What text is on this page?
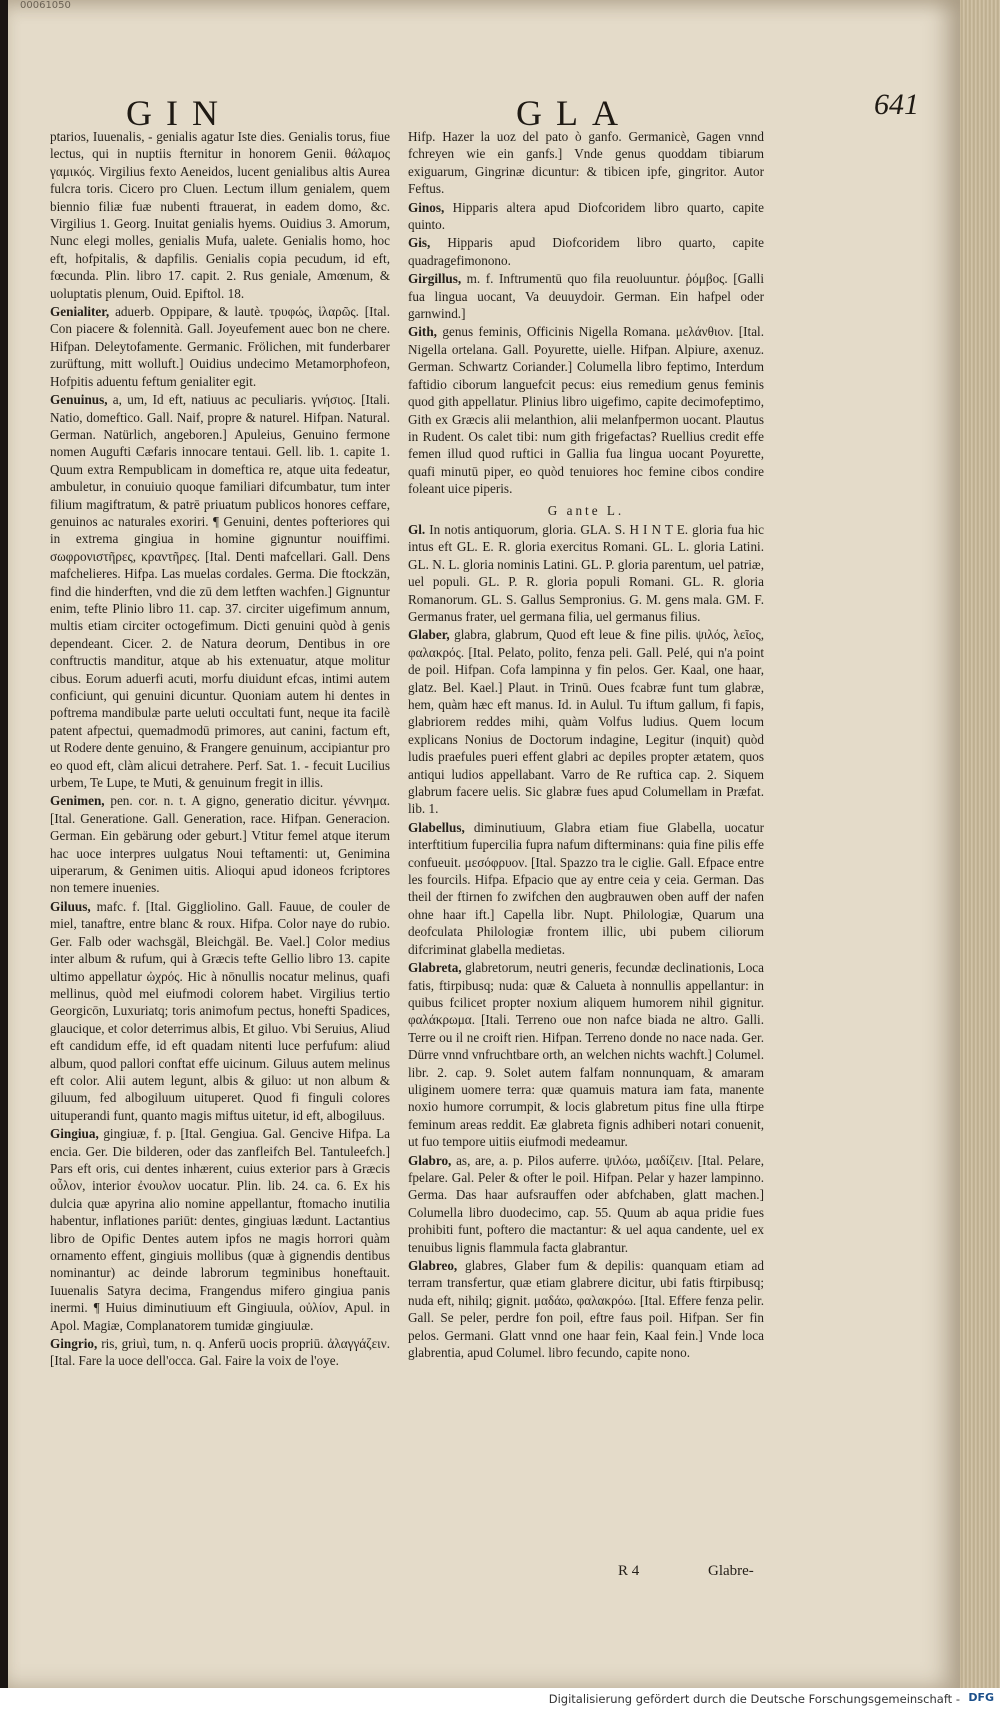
00061050
GIN	GLA	641

ptarios, Iuuenalis, - genialis agatur Iste dies. Genialis torus, fiue lectus, qui in nuptiis fternitur in honorem Genii. θάλαμος γαμικός. Virgilius fexto Aeneidos, lucent genialibus altis Aurea fulcra toris. Cicero pro Cluen. Lectum illum genialem, quem biennio filiæ fuæ nubenti ftrauerat, in eadem domo, &c. Virgilius 1. Georg. Inuitat genialis hyems. Ouidius 3. Amorum, Nunc elegi molles, genialis Mufa, ualete. Genialis homo, hoc eft, hofpitalis, & dapfilis. Genialis copia pecudum, id eft, fœcunda. Plin. libro 17. capit. 2. Rus geniale, Amœnum, & uoluptatis plenum, Ouid. Epiftol. 18.

Genialiter, aduerb. Oppipare, & lautè. τρυφώς, ἱλαρῶς. [Ital. Con piacere & folennità. Gall. Joyeufement auec bon ne chere. Hifpan. Deleytofamente. Germanic. Frölichen, mit funderbarer zurüftung, mitt wolluft.] Ouidius undecimo Metamorphofeon, Hofpitis aduentu feftum genialiter egit.

Genuinus, a, um, Id eft, natiuus ac peculiaris. γνήσιος. [Itali. Natio, domeftico. Gall. Naif, propre & naturel. Hifpan. Natural. German. Natürlich, angeboren.] Apuleius, Genuino fermone nomen Augufti Cæfaris innocare tentaui. Gell. lib. 1. capite 1. Quum extra Rempublicam in domeftica re, atque uita fedeatur, ambuletur, in conuiuio quoque familiari difcumbatur, tum inter filium magiftratum, & patrē priuatum publicos honores ceffare, genuinos ac naturales exoriri. ¶ Genuini, dentes pofteriores qui in extrema gingiua in homine gignuntur nouiffimi. σωφρονιστῆρες, κραντῆρες. [Ital. Denti mafcellari. Gall. Dens mafchelieres. Hifpa. Las muelas cordales. Germa. Die ftockzän, find die hinderften, vnd die zū dem letften wachfen.] Gignuntur enim, tefte Plinio libro 11. cap. 37. circiter uigefimum annum, multis etiam circiter octogefimum. Dicti genuini quòd à genis dependeant. Cicer. 2. de Natura deorum, Dentibus in ore conftructis manditur, atque ab his extenuatur, atque molitur cibus. Eorum aduerfi acuti, morfu diuidunt efcas, intimi autem conficiunt, qui genuini dicuntur. Quoniam autem hi dentes in poftrema mandibulæ parte ueluti occultati funt, neque ita facilè patent afpectui, quemadmodū primores, aut canini, factum eft, ut Rodere dente genuino, & Frangere genuinum, accipiantur pro eo quod eft, clàm alicui detrahere. Perf. Sat. 1. - fecuit Lucilius urbem, Te Lupe, te Muti, & genuinum fregit in illis.

Genimen, pen. cor. n. t. A gigno, generatio dicitur. γέννημα. [Ital. Generatione. Gall. Generation, race. Hifpan. Generacion. German. Ein gebärung oder geburt.] Vtitur femel atque iterum hac uoce interpres uulgatus Noui teftamenti: ut, Genimina uiperarum, & Genimen uitis. Alioqui apud idoneos fcriptores non temere inuenies.

Giluus, mafc. f. [Ital. Giggliolino. Gall. Fauue, de couler de miel, tanaftre, entre blanc & roux. Hifpa. Color naye do rubio. Ger. Falb oder wachsgäl, Bleichgäl. Be. Vael.] Color medius inter album & rufum, qui à Græcis tefte Gellio libro 13. capite ultimo appellatur ὠχρός. Hic à nōnullis nocatur melinus, quafi mellinus, quòd mel eiufmodi colorem habet. Virgilius tertio Georgicōn, Luxuriatq; toris animofum pectus, honefti Spadices, glaucique, et color deterrimus albis, Et giluo. Vbi Seruius, Aliud eft candidum effe, id eft quadam nitenti luce perfufum: aliud album, quod pallori conftat effe uicinum. Giluus autem melinus eft color. Alii autem legunt, albis & giluo: ut non album & giluum, fed albogiluum uituperet. Quod fi finguli colores uituperandi funt, quanto magis miftus uitetur, id eft, albogiluus.

Gingiua, gingiuæ, f. p. [Ital. Gengiua. Gal. Gencive Hifpa. La encia. Ger. Die bilderen, oder das zanfleifch Bel. Tantuleefch.] Pars eft oris, cui dentes inhærent, cuius exterior pars à Græcis οὖλον, interior ἐνουλον uocatur. Plin. lib. 24. ca. 6. Ex his dulcia quæ apyrina alio nomine appellantur, ftomacho inutilia habentur, inflationes pariūt: dentes, gingiuas lædunt. Lactantius libro de Opific Dentes autem ipfos ne magis horrori quàm ornamento effent, gingiuis mollibus (quæ à gignendis dentibus nominantur) ac deinde labrorum tegminibus honeftauit. Iuuenalis Satyra decima, Frangendus mifero gingiua panis inermi. ¶ Huius diminutiuum eft Gingiuula, οὐλίον, Apul. in Apol. Magiæ, Complanatorem tumidæ gingiuulæ.

Gingrio, ris, griuì, tum, n. q. Anferū uocis propriū. ἀλαγγάζειν. [Ital. Fare la uoce dell'occa. Gal. Faire la voix de l'oye.

Hifp. Hazer la uoz del pato ò ganfo. Germanicè, Gagen vnnd fchreyen wie ein ganfs.] Vnde genus quoddam tibiarum exiguarum, Gingrinæ dicuntur: & tibicen ipfe, gingritor. Autor Feftus.

Ginos, Hipparis altera apud Diofcoridem libro quarto, capite quinto.

Gis, Hipparis apud Diofcoridem libro quarto, capite quadragefimonono.

Girgillus, m. f. Inftrumentū quo fila reuoluuntur. ῥόμβος. [Galli fua lingua uocant, Va deuuydoir. German. Ein hafpel oder garnwind.]

Gith, genus feminis, Officinis Nigella Romana. μελάνθιον. [Ital. Nigella ortelana. Gall. Poyurette, uielle. Hifpan. Alpiure, axenuz. German. Schwartz Coriander.] Columella libro feptimo, Interdum faftidio ciborum languefcit pecus: eius remedium genus feminis quod gith appellatur. Plinius libro uigefimo, capite decimofeptimo, Gith ex Græcis alii melanthion, alii melanfpermon uocant. Plautus in Rudent. Os calet tibi: num gith frigefactas? Ruellius credit effe femen illud quod ruftici in Gallia fua lingua uocant Poyurette, quafi minutū piper, eo quòd tenuiores hoc femine cibos condire foleant uice piperis.

G ante L.

Gl. In notis antiquorum, gloria. GLA. S. H I N T E. gloria fua hic intus eft GL. E. R. gloria exercitus Romani. GL. L. gloria Latini. GL. N. L. gloria nominis Latini. GL. P. gloria parentum, uel patriæ, uel populi. GL. P. R. gloria populi Romani. GL. R. gloria Romanorum. GL. S. Gallus Sempronius. G. M. gens mala. GM. F. Germanus frater, uel germana filia, uel germanus filius.

Glaber, glabra, glabrum, Quod eft leue & fine pilis. ψιλός, λεῖος, φαλακρός. [Ital. Pelato, polito, fenza peli. Gall. Pelé, qui n'a point de poil. Hifpan. Cofa lampinna y fin pelos. Ger. Kaal, one haar, glatz. Bel. Kael.] Plaut. in Trinū. Oues fcabræ funt tum glabræ, hem, quàm hæc eft manus. Id. in Aulul. Tu iftum gallum, fi fapis, glabriorem reddes mihi, quàm Volfus ludius. Quem locum explicans Nonius de Doctorum indagine, Legitur (inquit) quòd ludis praefules pueri effent glabri ac depiles propter ætatem, quos antiqui ludios appellabant. Varro de Re ruftica cap. 2. Siquem glabrum facere uelis. Sic glabræ fues apud Columellam in Præfat. lib. 1.

Glabellus, diminutiuum, Glabra etiam fiue Glabella, uocatur interftitium fupercilia fupra nafum difterminans: quia fine pilis effe confueuit. μεσόφρυον. [Ital. Spazzo tra le ciglie. Gall. Efpace entre les fourcils. Hifpa. Efpacio que ay entre ceia y ceia. German. Das theil der ftirnen fo zwifchen den augbrauwen oben auff der nafen ohne haar ift.] Capella libr. Nupt. Philologiæ, Quarum una deofculata Philologiæ frontem illic, ubi pubem ciliorum difcriminat glabella medietas.

Glabreta, glabretorum, neutri generis, fecundæ declinationis, Loca fatis, ftirpibusq; nuda: quæ & Calueta à nonnullis appellantur: in quibus fcilicet propter noxium aliquem humorem nihil gignitur. φαλάκρωμα. [Itali. Terreno oue non nafce biada ne altro. Galli. Terre ou il ne croift rien. Hifpan. Terreno donde no nace nada. Ger. Dürre vnnd vnfruchtbare orth, an welchen nichts wachft.] Columel. libr. 2. cap. 9. Solet autem falfam nonnunquam, & amaram uliginem uomere terra: quæ quamuis matura iam fata, manente noxio humore corrumpit, & locis glabretum pitus fine ulla ftirpe feminum areas reddit. Eæ glabreta fignis adhiberi notari conuenit, ut fuo tempore uitiis eiufmodi medeamur.

Glabro, as, are, a. p. Pilos auferre. ψιλόω, μαδίζειν. [Ital. Pelare, fpelare. Gal. Peler & ofter le poil. Hifpan. Pelar y hazer lampinno. Germa. Das haar aufsrauffen oder abfchaben, glatt machen.] Columella libro duodecimo, cap. 55. Quum ab aqua pridie fues prohibiti funt, poftero die mactantur: & uel aqua candente, uel ex tenuibus lignis flammula facta glabrantur.

Glabreo, glabres, Glaber fum & depilis: quanquam etiam ad terram transfertur, quæ etiam glabrere dicitur, ubi fatis ftirpibusq; nuda eft, nihilq; gignit. μαδάω, φαλακρόω. [Ital. Effere fenza pelir. Gall. Se peler, perdre fon poil, eftre faus poil. Hifpan. Ser fin pelos. Germani. Glatt vnnd one haar fein, Kaal fein.] Vnde loca glabrentia, apud Columel. libro fecundo, capite nono.

R 4	Glabre-
Digitalisierung gefördert durch die Deutsche Forschungsgemeinschaft - DFG
